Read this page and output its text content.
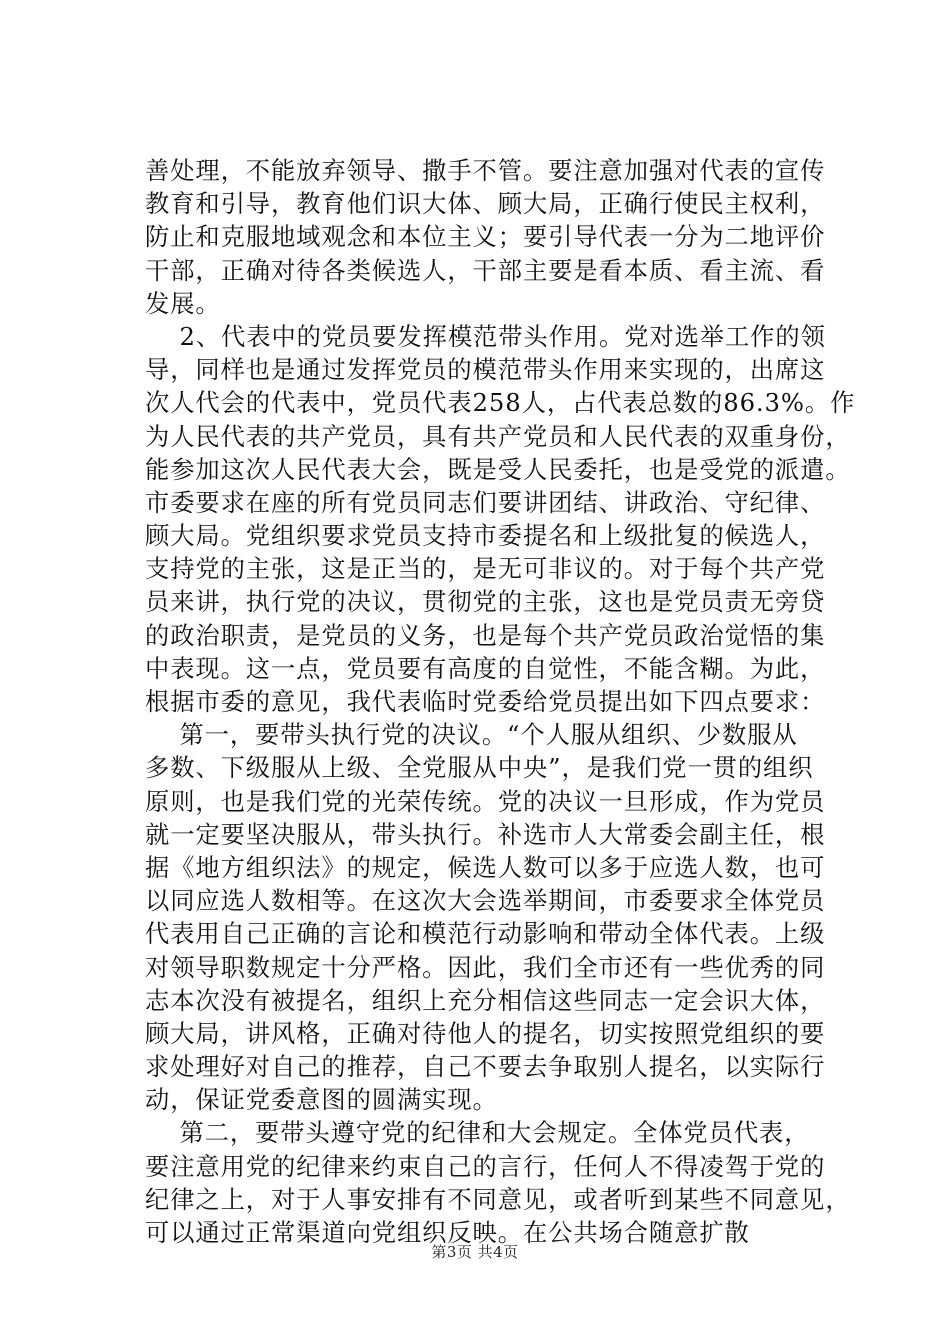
善处理，不能放弃领导、撒手不管。要注意加强对代表的宣传
教育和引导，教育他们识大体、顾大局，正确行使民主权利，
防止和克服地域观念和本位主义；要引导代表一分为二地评价
干部，正确对待各类候选人，干部主要是看本质、看主流、看
发展。
2、代表中的党员要发挥模范带头作用。党对选举工作的领
导，同样也是通过发挥党员的模范带头作用来实现的，出席这
次人代会的代表中，党员代表258人，占代表总数的86.3%。作
为人民代表的共产党员，具有共产党员和人民代表的双重身份，
能参加这次人民代表大会，既是受人民委托，也是受党的派遣。
市委要求在座的所有党员同志们要讲团结、讲政治、守纪律、
顾大局。党组织要求党员支持市委提名和上级批复的候选人，
支持党的主张，这是正当的，是无可非议的。对于每个共产党
员来讲，执行党的决议，贯彻党的主张，这也是党员责无旁贷
的政治职责，是党员的义务，也是每个共产党员政治觉悟的集
中表现。这一点，党员要有高度的自觉性，不能含糊。为此，
根据市委的意见，我代表临时党委给党员提出如下四点要求：
第一，要带头执行党的决议。“个人服从组织、少数服从
多数、下级服从上级、全党服从中央”，是我们党一贯的组织
原则，也是我们党的光荣传统。党的决议一旦形成，作为党员
就一定要坚决服从，带头执行。补选市人大常委会副主任，根
据《地方组织法》的规定，候选人数可以多于应选人数，也可
以同应选人数相等。在这次大会选举期间，市委要求全体党员
代表用自己正确的言论和模范行动影响和带动全体代表。上级
对领导职数规定十分严格。因此，我们全市还有一些优秀的同
志本次没有被提名，组织上充分相信这些同志一定会识大体，
顾大局，讲风格，正确对待他人的提名，切实按照党组织的要
求处理好对自己的推荐，自己不要去争取别人提名，以实际行
动，保证党委意图的圆满实现。
第二，要带头遵守党的纪律和大会规定。全体党员代表，
要注意用党的纪律来约束自己的言行，任何人不得凌驾于党的
纪律之上，对于人事安排有不同意见，或者听到某些不同意见，
可以通过正常渠道向党组织反映。在公共场合随意扩散
第3页 共4页
